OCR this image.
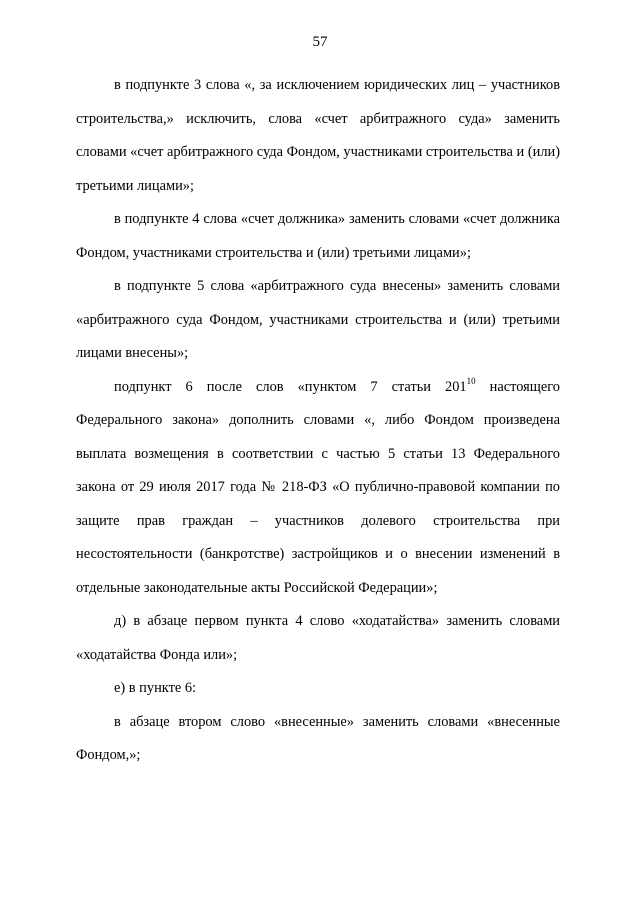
57

в подпункте 3 слова «, за исключением юридических лиц – участников строительства,» исключить, слова «счет арбитражного суда» заменить словами «счет арбитражного суда Фондом, участниками строительства и (или) третьими лицами»;

в подпункте 4 слова «счет должника» заменить словами «счет должника Фондом, участниками строительства и (или) третьими лицами»;

в подпункте 5 слова «арбитражного суда внесены» заменить словами «арбитражного суда Фондом, участниками строительства и (или) третьими лицами внесены»;

подпункт 6 после слов «пунктом 7 статьи $201^{10}$ настоящего Федерального закона» дополнить словами «, либо Фондом произведена выплата возмещения в соответствии с частью 5 статьи 13 Федерального закона от 29 июля 2017 года № 218-ФЗ «О публично-правовой компании по защите прав граждан – участников долевого строительства при несостоятельности (банкротстве) застройщиков и о внесении изменений в отдельные законодательные акты Российской Федерации»;

д) в абзаце первом пункта 4 слово «ходатайства» заменить словами «ходатайства Фонда или»;

е) в пункте 6:

в абзаце втором слово «внесенные» заменить словами «внесенные Фондом,»;
